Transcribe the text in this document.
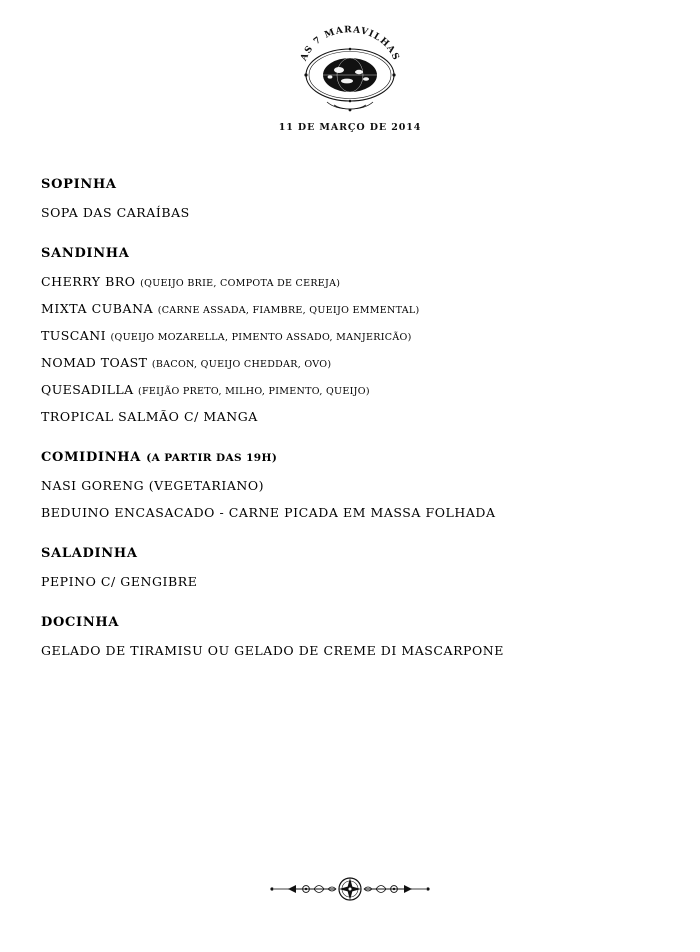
AS 7 MARAVILHAS
11 DE MARÇO DE 2014
SOPINHA
SOPA DAS CARAÍBAS
SANDINHA
CHERRY BRO (QUEIJO BRIE, COMPOTA DE CEREJA)
MIXTA CUBANA (CARNE ASSADA, FIAMBRE, QUEIJO EMMENTAL)
TUSCANI (QUEIJO MOZARELLA, PIMENTO ASSADO, MANJERICÃO)
NOMAD TOAST (BACON, QUEIJO CHEDDAR, OVO)
QUESADILLA (FEIJÃO PRETO, MILHO, PIMENTO, QUEIJO)
TROPICAL SALMÃO C/ MANGA
COMIDINHA (A PARTIR DAS 19H)
NASI GORENG (VEGETARIANO)
BEDUINO ENCASACADO - CARNE PICADA EM MASSA FOLHADA
SALADINHA
PEPINO C/ GENGIBRE
DOCINHA
GELADO DE TIRAMISU OU GELADO DE CREME DI MASCARPONE
